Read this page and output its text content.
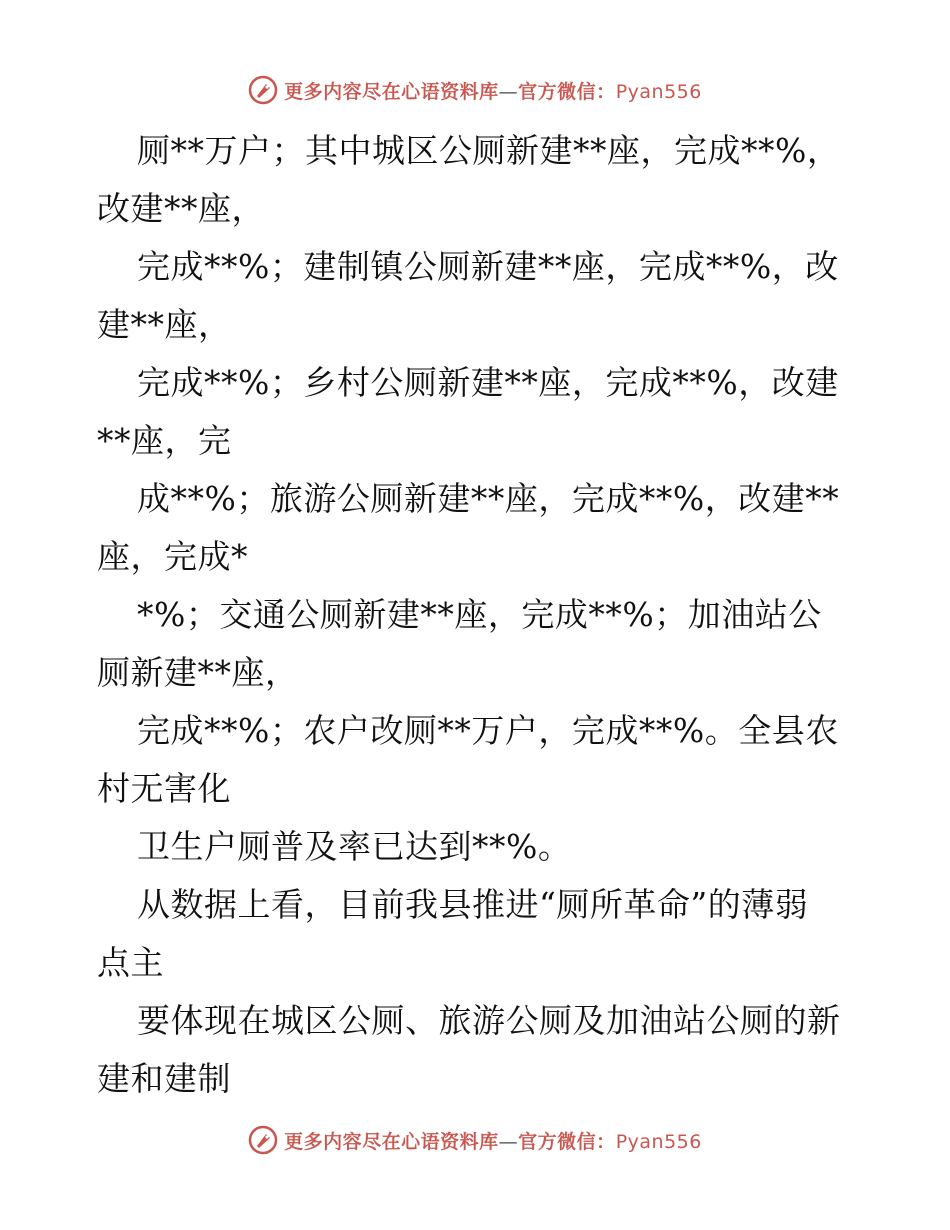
更多内容尽在心语资料库—官方微信：Pyan556
厕**万户；其中城区公厕新建**座，完成**%，
改建**座，
完成**%；建制镇公厕新建**座，完成**%，改
建**座，
完成**%；乡村公厕新建**座，完成**%，改建
**座，完
成**%；旅游公厕新建**座，完成**%，改建**
座，完成*
*%；交通公厕新建**座，完成**%；加油站公
厕新建**座，
完成**%；农户改厕**万户，完成**%。全县农
村无害化
卫生户厕普及率已达到**%。
从数据上看，目前我县推进“厕所革命”的薄弱
点主
要体现在城区公厕、旅游公厕及加油站公厕的新
建和建制
更多内容尽在心语资料库—官方微信：Pyan556
